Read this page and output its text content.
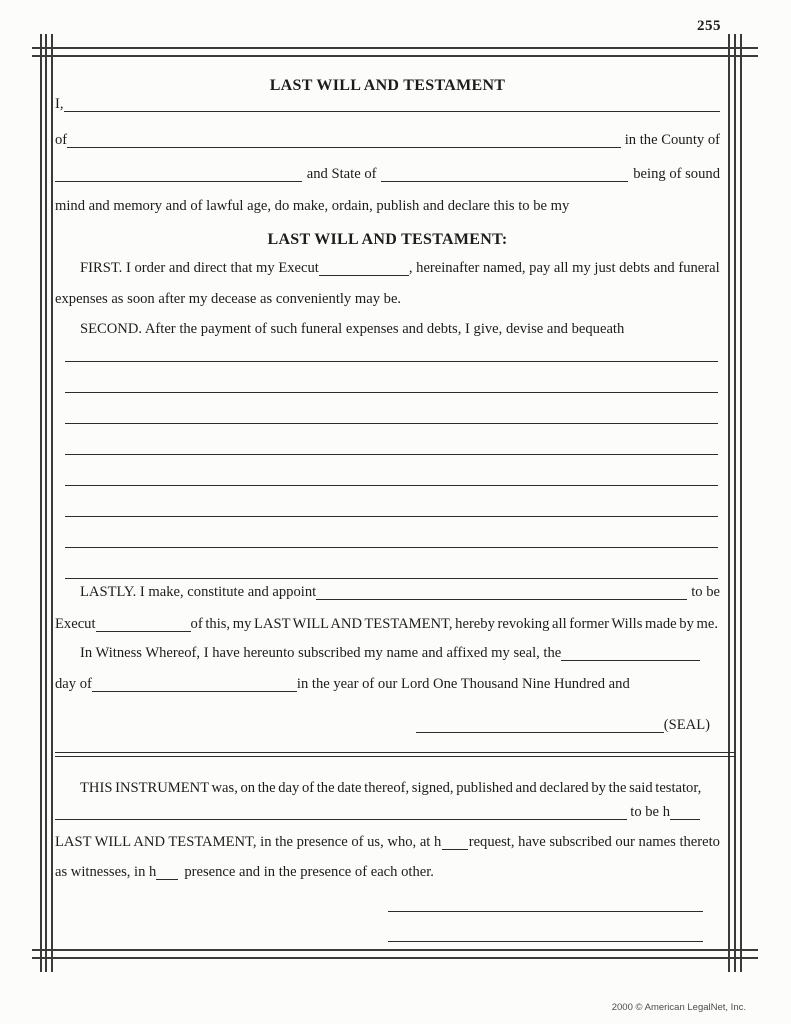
255
LAST WILL AND TESTAMENT
I,
of	in the County of
and State of	being of sound
mind and memory and of lawful age, do make, ordain, publish and declare this to be my
LAST WILL AND TESTAMENT:
FIRST. I order and direct that my Execut	, hereinafter named, pay all my just debts and funeral
expenses as soon after my decease as conveniently may be.
SECOND. After the payment of such funeral expenses and debts, I give, devise and bequeath
LASTLY. I make, constitute and appoint	to be
Execut	of this, my LAST WILL AND TESTAMENT, hereby revoking all former Wills made by me.
In Witness Whereof, I have hereunto subscribed my name and affixed my seal, the
day of	in the year of our Lord One Thousand Nine Hundred and
(SEAL)
THIS INSTRUMENT was, on the day of the date thereof, signed, published and declared by the said testator,
to be h
LAST WILL AND TESTAMENT, in the presence of us, who, at h request, have subscribed our names thereto
as witnesses, in h	presence and in the presence of each other.
2000 © American LegalNet, Inc.
